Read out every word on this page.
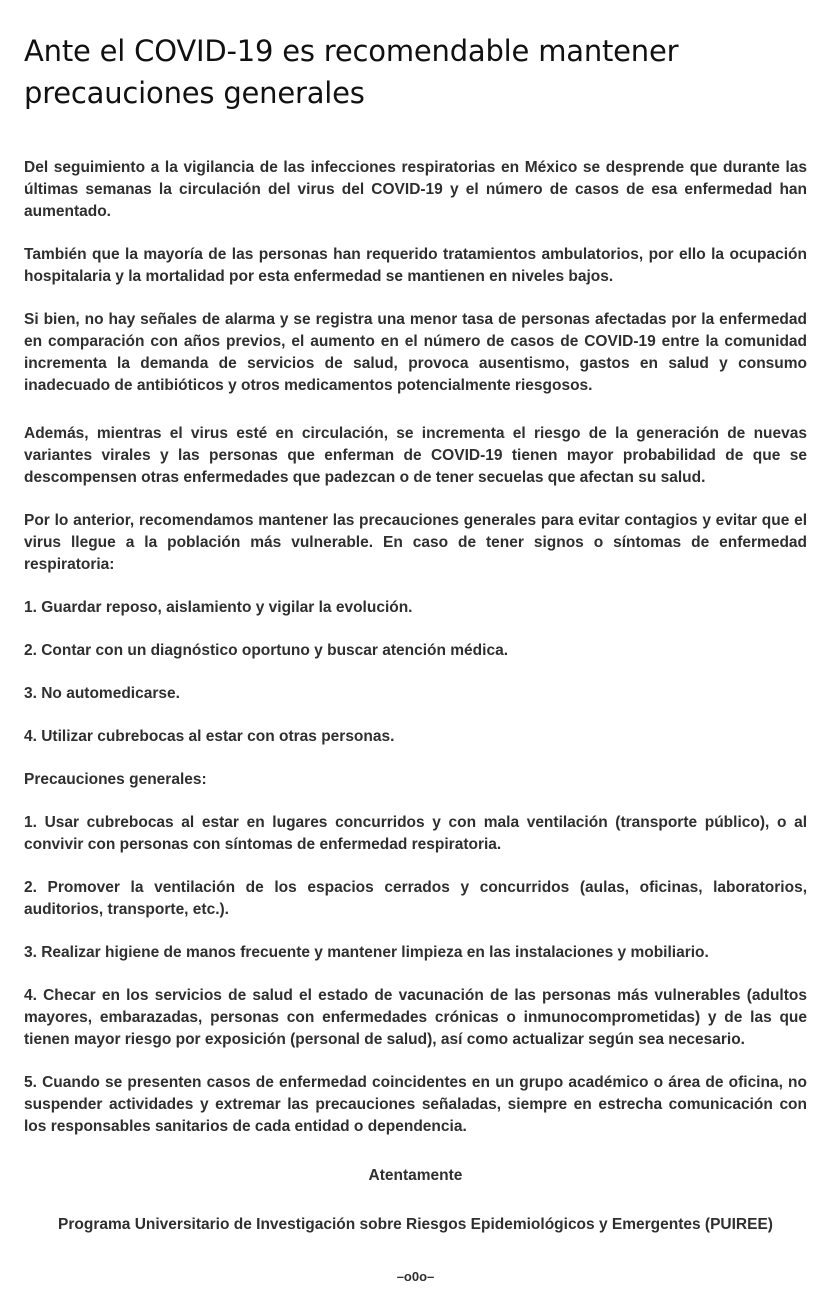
Ante el COVID-19 es recomendable mantener precauciones generales

Del seguimiento a la vigilancia de las infecciones respiratorias en México se desprende que durante las últimas semanas la circulación del virus del COVID-19 y el número de casos de esa enfermedad han aumentado.

También que la mayoría de las personas han requerido tratamientos ambulatorios, por ello la ocupación hospitalaria y la mortalidad por esta enfermedad se mantienen en niveles bajos.

Si bien, no hay señales de alarma y se registra una menor tasa de personas afectadas por la enfermedad en comparación con años previos, el aumento en el número de casos de COVID-19 entre la comunidad incrementa la demanda de servicios de salud, provoca ausentismo, gastos en salud y consumo inadecuado de antibióticos y otros medicamentos potencialmente riesgosos.

Además, mientras el virus esté en circulación, se incrementa el riesgo de la generación de nuevas variantes virales y las personas que enferman de COVID-19 tienen mayor probabilidad de que se descompensen otras enfermedades que padezcan o de tener secuelas que afectan su salud.

Por lo anterior, recomendamos mantener las precauciones generales para evitar contagios y evitar que el virus llegue a la población más vulnerable. En caso de tener signos o síntomas de enfermedad respiratoria:

1. Guardar reposo, aislamiento y vigilar la evolución.

2. Contar con un diagnóstico oportuno y buscar atención médica.

3. No automedicarse.

4. Utilizar cubrebocas al estar con otras personas.

Precauciones generales:

1. Usar cubrebocas al estar en lugares concurridos y con mala ventilación (transporte público), o al convivir con personas con síntomas de enfermedad respiratoria.

2. Promover la ventilación de los espacios cerrados y concurridos (aulas, oficinas, laboratorios, auditorios, transporte, etc.).

3. Realizar higiene de manos frecuente y mantener limpieza en las instalaciones y mobiliario.

4. Checar en los servicios de salud el estado de vacunación de las personas más vulnerables (adultos mayores, embarazadas, personas con enfermedades crónicas o inmunocomprometidas) y de las que tienen mayor riesgo por exposición (personal de salud), así como actualizar según sea necesario.

5. Cuando se presenten casos de enfermedad coincidentes en un grupo académico o área de oficina, no suspender actividades y extremar las precauciones señaladas, siempre en estrecha comunicación con los responsables sanitarios de cada entidad o dependencia.

Atentamente

Programa Universitario de Investigación sobre Riesgos Epidemiológicos y Emergentes (PUIREE)

–o0o–
